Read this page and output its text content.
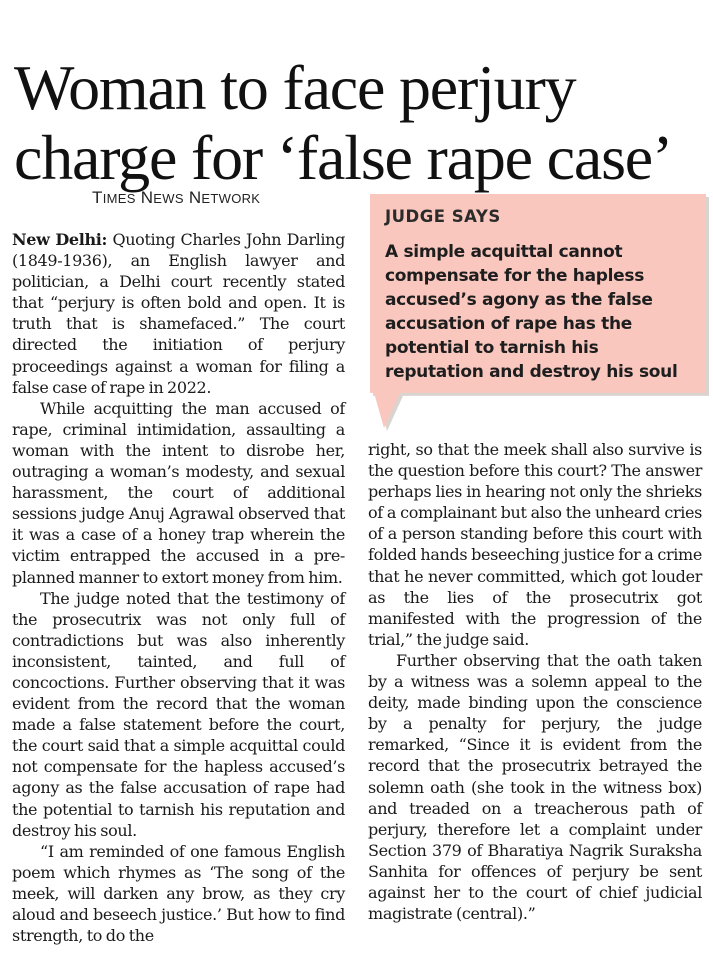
Woman to face perjury charge for ‘false rape case’
TIMES NEWS NETWORK

JUDGE SAYS

A simple acquittal cannot compensate for the hapless accused’s agony as the false accusation of rape has the potential to tarnish his reputation and destroy his soul

New Delhi: Quoting Charles John Darling (1849-1936), an English lawyer and politician, a Delhi court recently stated that “perjury is often bold and open. It is truth that is shamefaced.” The court directed the initiation of perjury proceedings against a woman for filing a false case of rape in 2022.

While acquitting the man accused of rape, criminal intimidation, assaulting a woman with the intent to disrobe her, outraging a woman’s modesty, and sexual harassment, the court of additional sessions judge Anuj Agrawal observed that it was a case of a honey trap wherein the victim entrapped the accused in a pre-planned manner to extort money from him.

The judge noted that the testimony of the prosecutrix was not only full of contradictions but was also inherently inconsistent, tainted, and full of concoctions. Further observing that it was evident from the record that the woman made a false statement before the court, the court said that a simple acquittal could not compensate for the hapless accused’s agony as the false accusation of rape had the potential to tarnish his reputation and destroy his soul.

“I am reminded of one famous English poem which rhymes as ‘The song of the meek, will darken any brow, as they cry aloud and beseech justice.’ But how to find strength, to do the

right, so that the meek shall also survive is the question before this court? The answer perhaps lies in hearing not only the shrieks of a complainant but also the unheard cries of a person standing before this court with folded hands beseeching justice for a crime that he never committed, which got louder as the lies of the prosecutrix got manifested with the progression of the trial,” the judge said.

Further observing that the oath taken by a witness was a solemn appeal to the deity, made binding upon the conscience by a penalty for perjury, the judge remarked, “Since it is evident from the record that the prosecutrix betrayed the solemn oath (she took in the witness box) and treaded on a treacherous path of perjury, therefore let a complaint under Section 379 of Bharatiya Nagrik Suraksha Sanhita for offences of perjury be sent against her to the court of chief judicial magistrate (central).”
